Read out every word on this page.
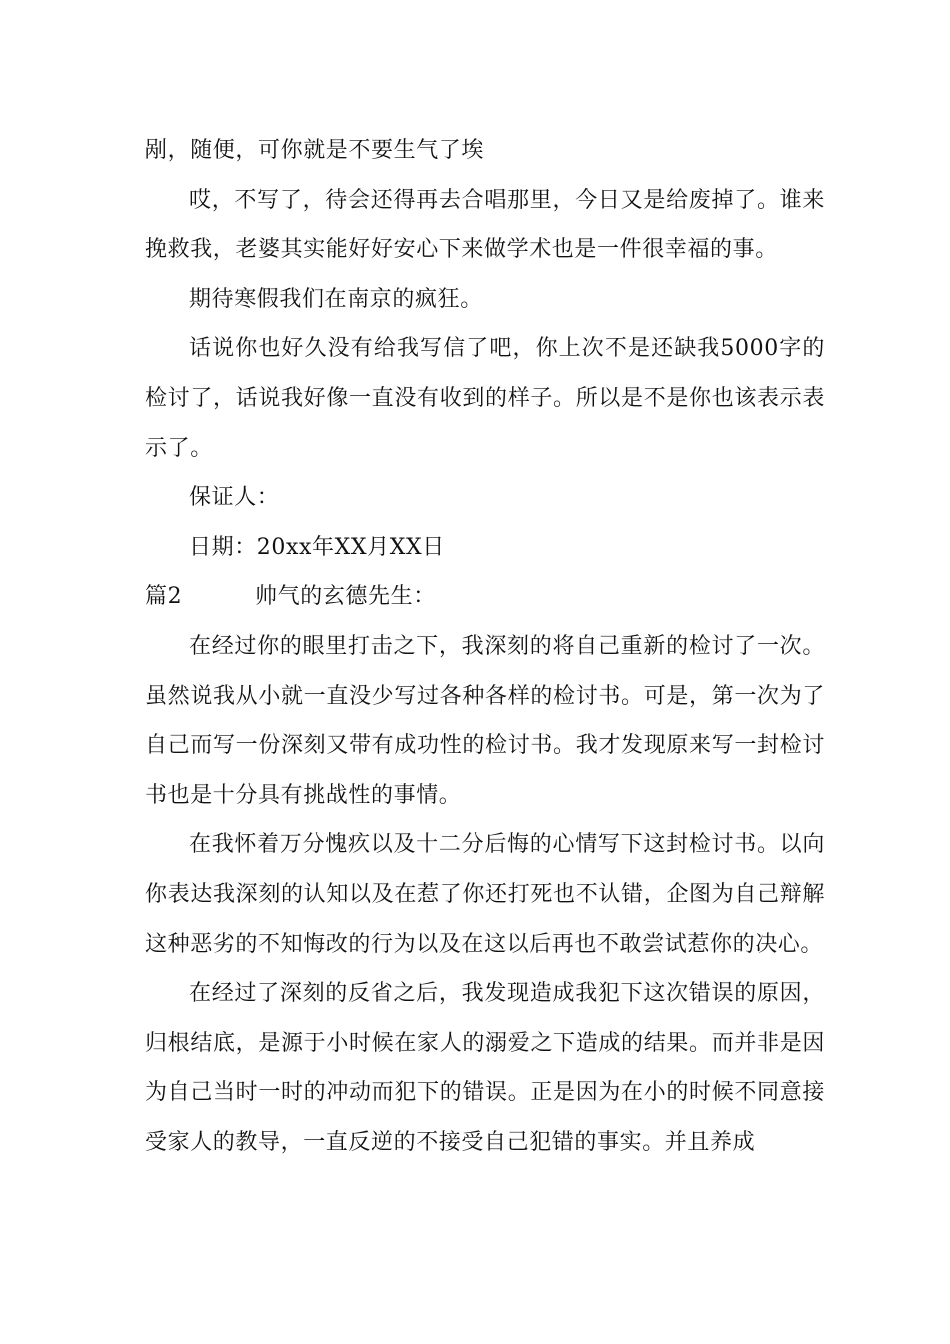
剐，随便，可你就是不要生气了埃

哎，不写了，待会还得再去合唱那里，今日又是给废掉了。谁来挽救我，老婆其实能好好安心下来做学术也是一件很幸福的事。

期待寒假我们在南京的疯狂。

话说你也好久没有给我写信了吧，你上次不是还缺我5000字的检讨了，话说我好像一直没有收到的样子。所以是不是你也该表示表示了。

保证人：

日期：20xx年XX月XX日

篇2	帅气的玄德先生：

在经过你的眼里打击之下，我深刻的将自己重新的检讨了一次。虽然说我从小就一直没少写过各种各样的检讨书。可是，第一次为了自己而写一份深刻又带有成功性的检讨书。我才发现原来写一封检讨书也是十分具有挑战性的事情。

在我怀着万分愧疚以及十二分后悔的心情写下这封检讨书。以向你表达我深刻的认知以及在惹了你还打死也不认错，企图为自己辩解这种恶劣的不知悔改的行为以及在这以后再也不敢尝试惹你的决心。

在经过了深刻的反省之后，我发现造成我犯下这次错误的原因，归根结底，是源于小时候在家人的溺爱之下造成的结果。而并非是因为自己当时一时的冲动而犯下的错误。正是因为在小的时候不同意接受家人的教导，一直反逆的不接受自己犯错的事实。并且养成
